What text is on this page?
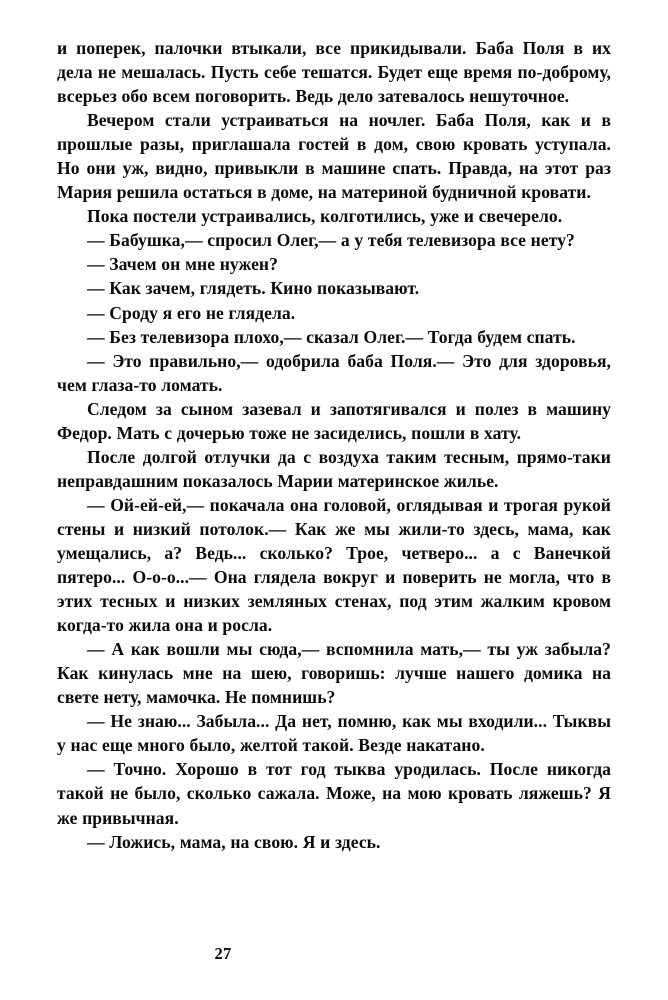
и поперек, палочки втыкали, все прикидывали. Баба Поля в их дела не мешалась. Пусть себе тешатся. Будет еще время по-доброму, всерьез обо всем поговорить. Ведь дело затевалось нешуточное.

Вечером стали устраиваться на ночлег. Баба Поля, как и в прошлые разы, приглашала гостей в дом, свою кровать уступала. Но они уж, видно, привыкли в машине спать. Правда, на этот раз Мария решила остаться в доме, на материной будничной кровати.

Пока постели устраивались, колготились, уже и свечерело.

— Бабушка,— спросил Олег,— а у тебя телевизора все нету?

— Зачем он мне нужен?

— Как зачем, глядеть. Кино показывают.

— Сроду я его не глядела.

— Без телевизора плохо,— сказал Олег.— Тогда будем спать.

— Это правильно,— одобрила баба Поля.— Это для здоровья, чем глаза-то ломать.

Следом за сыном зазевал и запотягивался и полез в машину Федор. Мать с дочерью тоже не засиделись, пошли в хату.

После долгой отлучки да с воздуха таким тесным, прямо-таки неправдашним показалось Марии материнское жилье.

— Ой-ей-ей,— покачала она головой, оглядывая и трогая рукой стены и низкий потолок.— Как же мы жили-то здесь, мама, как умещались, а? Ведь... сколько? Трое, четверо... а с Ванечкой пятеро... О-о-о...— Она глядела вокруг и поверить не могла, что в этих тесных и низких земляных стенах, под этим жалким кровом когда-то жила она и росла.

— А как вошли мы сюда,— вспомнила мать,— ты уж забыла? Как кинулась мне на шею, говоришь: лучше нашего домика на свете нету, мамочка. Не помнишь?

— Не знаю... Забыла... Да нет, помню, как мы входили... Тыквы у нас еще много было, желтой такой. Везде накатано.

— Точно. Хорошо в тот год тыква уродилась. После никогда такой не было, сколько сажала. Може, на мою кровать ляжешь? Я же привычная.

— Ложись, мама, на свою. Я и здесь.

27
